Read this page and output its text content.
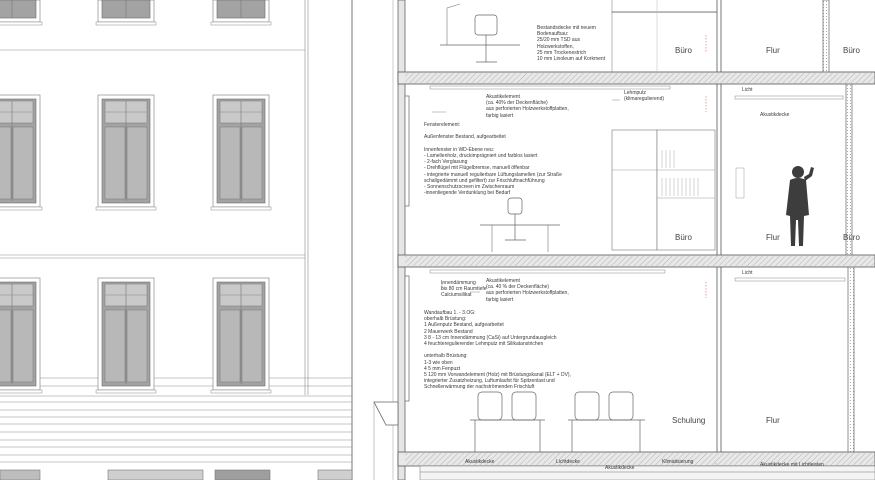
Büro	Flur	Büro
Büro	Flur	Büro
Schulung	Flur
Bestandsdecke mit neuem
Bodenaufbau:
25/20 mm TSD aus
Holzwerkstoffen,
25 mm Trockenestrich
10 mm Linoleum auf Korkment
Akustikelement
(ca. 40% der Deckenfläche)
aus perforierten Holzwerkstoffplatten,
farbig lasiert
Lehmputz
(klimaregulierend)
Licht
Akustikdecke
Fensterelement:

Außenfenster Bestand, aufgearbeitet

Innenfenster in WD-Ebene neu:
- Lamellenholz, druckimprägniert und farblos lasiert
- 2-fach Verglasung
- Drehflügel mit Flügelbremse, manuell öffenbar
- integrierte manuell regulierbare Lüftungslamellen (zur Straße
schallgedämmt und gefiltert) zur Frischluftnachführung
- Sonnenschutzscreen im Zwischenraum
-innenliegende Verdunklung bei Bedarf
Innendämmung
bis 80 cm Raumtiefe
Calciumsilikat
Akustikelement
(ca. 40 % der Deckenfläche)
aus perforierten Holzwerkstoffplatten,
farbig lasiert
Licht
Wandaufbau 1. - 3.OG:
oberhalb Brüstung:
1 Außenputz Bestand, aufgearbeitet
2 Mauerwerk Bestand
3 8 - 13 cm Innendämmung (CaSi) auf Untergrundausgleich
4 feuchteregulierender Lehmputz mit Silikatanstrichen

unterhalb Brüstung:
1-3 wie oben
4 5 mm Fenpuzt
5 120 mm Vorwandelement (Holz) mit Brüstungskanal (ELT + DV),
integrierter Zusatzheizung, Luftumlaufst für Spitzenlast und
Schnellerwärmung der nachströmenden Frischluft
Akustikdecke	Lichtdecke
Akustikdecke
Klimatisierung	Akustikdecke mit Lichtleisten
